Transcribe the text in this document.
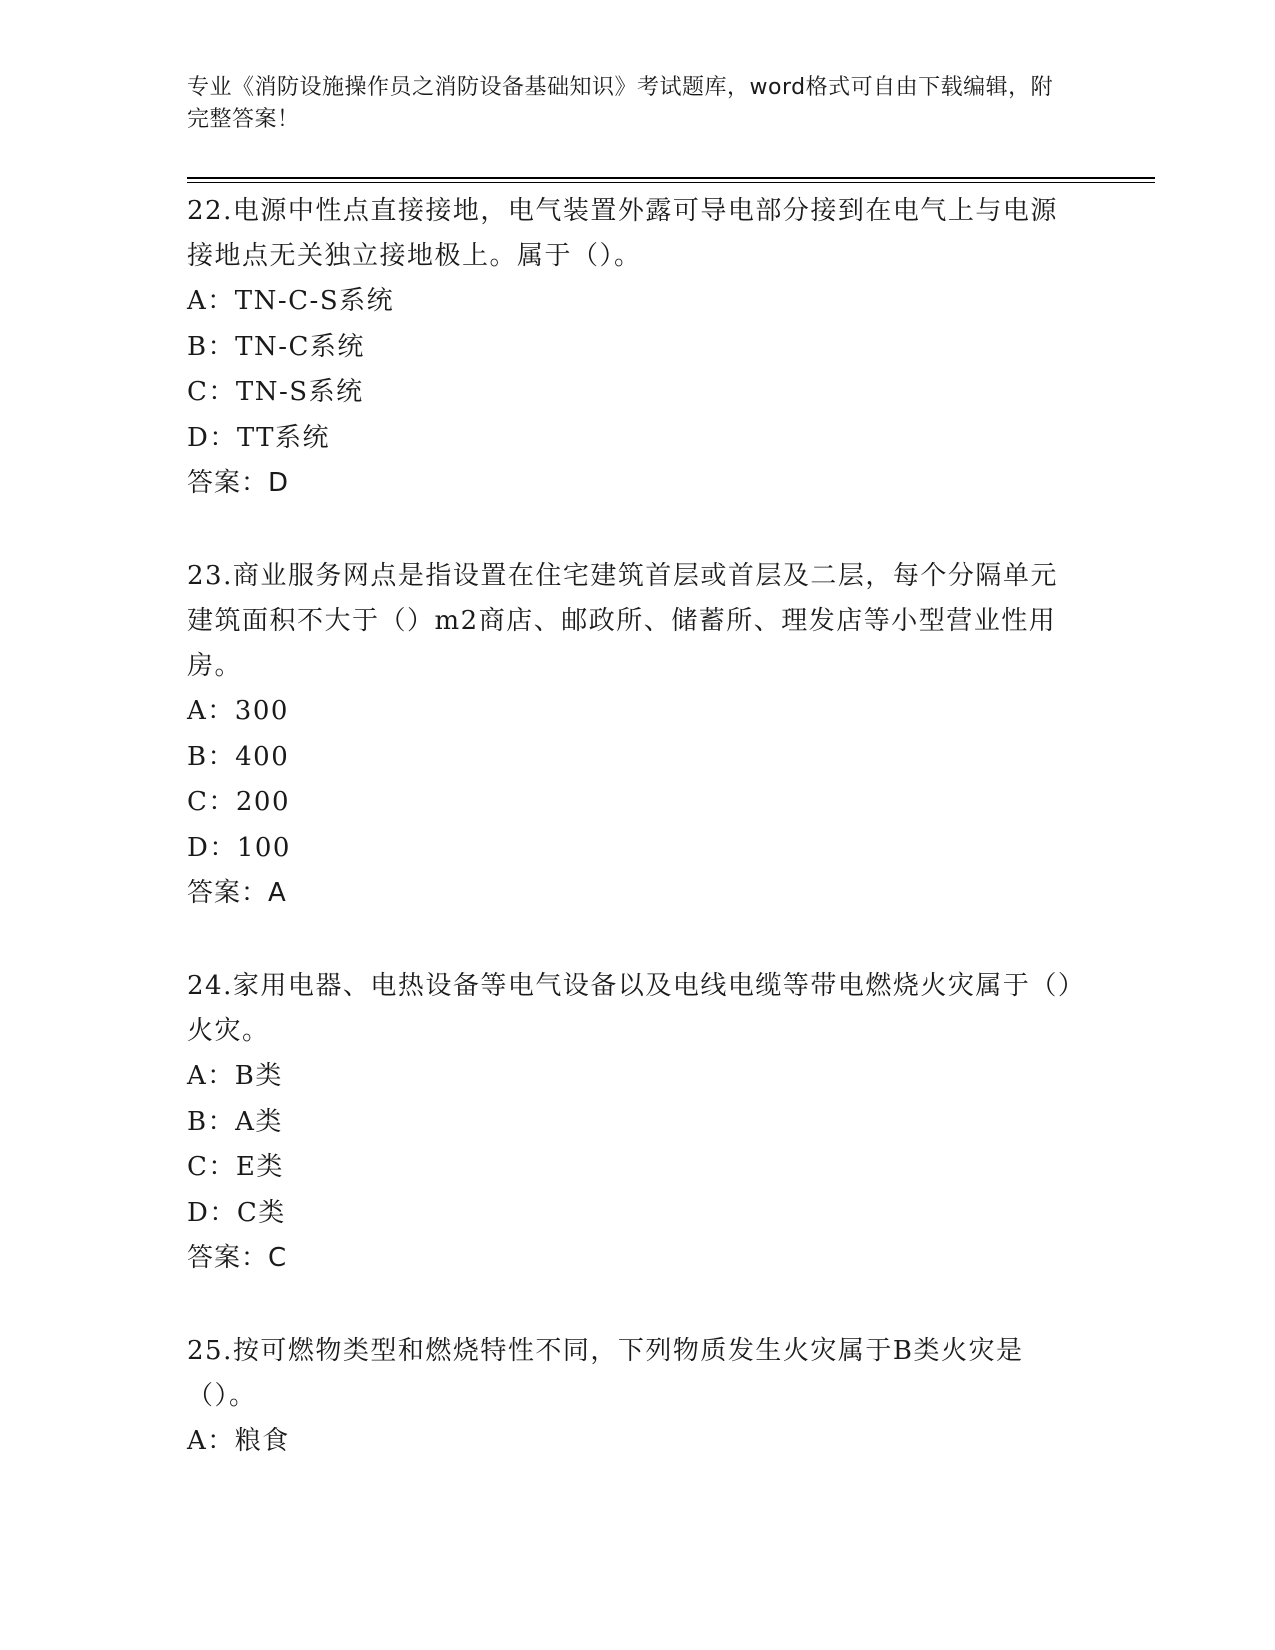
专业《消防设施操作员之消防设备基础知识》考试题库，word格式可自由下载编辑，附完整答案！

22.电源中性点直接接地，电气装置外露可导电部分接到在电气上与电源接地点无关独立接地极上。属于（）。

A：TN-C-S系统

B：TN-C系统

C：TN-S系统

D：TT系统

答案：D

23.商业服务网点是指设置在住宅建筑首层或首层及二层，每个分隔单元建筑面积不大于（）m2商店、邮政所、储蓄所、理发店等小型营业性用房。

A：300

B：400

C：200

D：100

答案：A

24.家用电器、电热设备等电气设备以及电线电缆等带电燃烧火灾属于（）火灾。

A：B类

B：A类

C：E类

D：C类

答案：C

25.按可燃物类型和燃烧特性不同，下列物质发生火灾属于B类火灾是（）。

A：粮食
